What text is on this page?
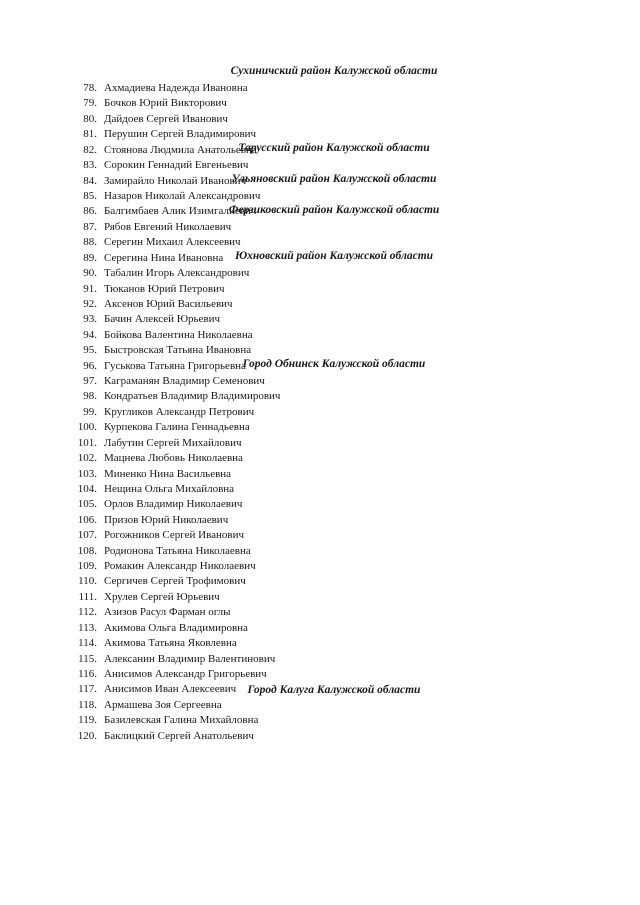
Сухиничский район Калужской области
78. Ахмадиева Надежда Ивановна
79. Бочков Юрий Викторович
80. Дайдоев Сергей Иванович
81. Перушин Сергей Владимирович
Тарусский район Калужской области
82. Стоянова Людмила Анатольевна
Ульяновский район Калужской области
83. Сорокин Геннадий Евгеньевич
Ферзиковский район Калужской области
84. Замирайло Николай Иванович
85. Назаров Николай Александрович
Юхновский район Калужской области
86. Балгимбаев Алик Изимгалиевич
87. Рябов Евгений Николаевич
88. Серегин Михаил Алексеевич
89. Серегина Нина Ивановна
90. Табалин Игорь Александрович
91. Тюканов Юрий Петрович
Город Обнинск Калужской области
92. Аксенов Юрий Васильевич
93. Бачин Алексей Юрьевич
94. Бойкова Валентина Николаевна
95. Быстровская Татьяна Ивановна
96. Гуськова Татьяна Григорьевна
97. Каграманян Владимир Семенович
98. Кондратьев Владимир Владимирович
99. Кругликов Александр Петрович
100. Курпекова Галина Геннадьевна
101. Лабутин Сергей Михайлович
102. Мацнева Любовь Николаевна
103. Миненко Нина Васильевна
104. Нещина Ольга Михайловна
105. Орлов Владимир Николаевич
106. Призов Юрий Николаевич
107. Рогожников Сергей Иванович
108. Родионова Татьяна Николаевна
109. Ромакин Александр Николаевич
110. Сергичев Сергей Трофимович
111. Хрулев Сергей Юрьевич
Город Калуга Калужской области
112. Азизов Расул Фарман оглы
113. Акимова Ольга Владимировна
114. Акимова Татьяна Яковлевна
115. Алексанин Владимир Валентинович
116. Анисимов Александр Григорьевич
117. Анисимов Иван Алексеевич
118. Армашева Зоя Сергеевна
119. Базилевская Галина Михайловна
120. Баклицкий Сергей Анатольевич
